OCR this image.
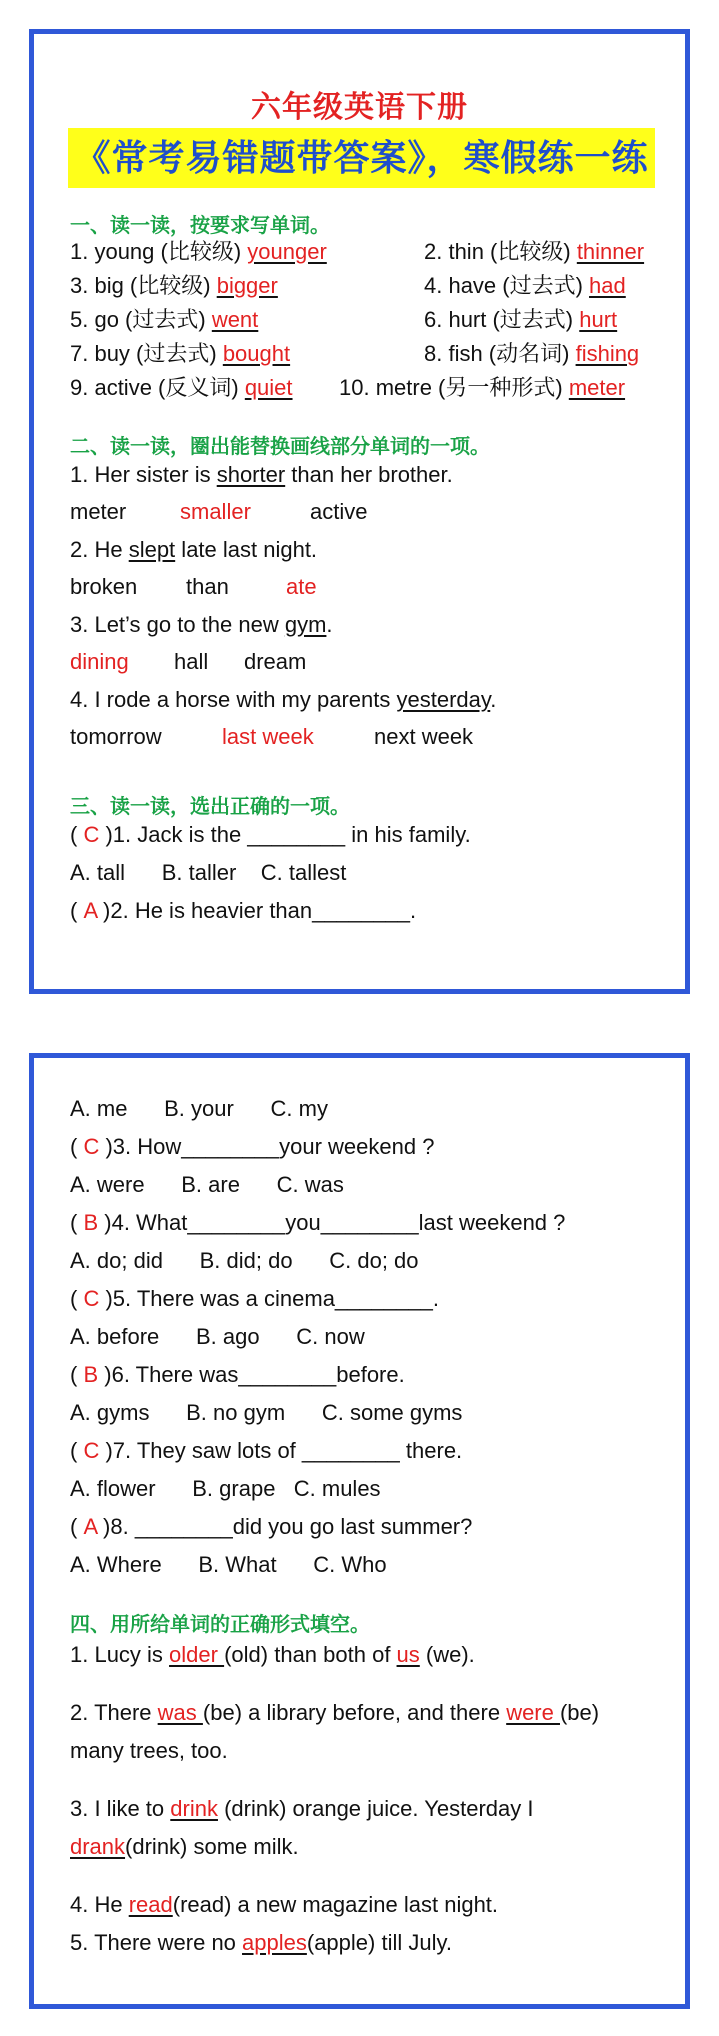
六年级英语下册
《常考易错题带答案》，寒假练一练
一、读一读，按要求写单词。
1. young (比较级) younger	2. thin (比较级) thinner
3. big (比较级) bigger	4. have (过去式) had
5. go (过去式) went	6. hurt (过去式) hurt
7. buy (过去式) bought	8. fish (动名词) fishing
9. active (反义词) quiet 10. metre (另一种形式) meter
二、读一读，圈出能替换画线部分单词的一项。
1. Her sister is shorter than her brother.
meter smaller	active
2. He slept late last night.
broken than	ate
3. Let’s go to the new gym.
dining hall dream
4. I rode a horse with my parents yesterday.
tomorrow	last week	next week
三、读一读，选出正确的一项。
( C )1. Jack is the ________ in his family.
A. tall      B. taller    C. tallest
( A )2. He is heavier than________.
A. me      B. your      C. my
( C )3. How________your weekend ?
A. were      B. are      C. was
( B )4. What________you________last weekend ?
A. do; did      B. did; do      C. do; do
( C )5. There was a cinema________.
A. before      B. ago      C. now
( B )6. There was________before.
A. gyms      B. no gym      C. some gyms
( C )7. They saw lots of ________ there.
A. flower      B. grape   C. mules
( A )8. ________did you go last summer?
A. Where      B. What      C. Who
四、用所给单词的正确形式填空。
1. Lucy is older (old) than both of us (we).
2. There was (be) a library before, and there were (be)
many trees, too.
3. I like to drink (drink) orange juice. Yesterday I
drank(drink) some milk.
4. He read(read) a new magazine last night.
5. There were no apples(apple) till July.
